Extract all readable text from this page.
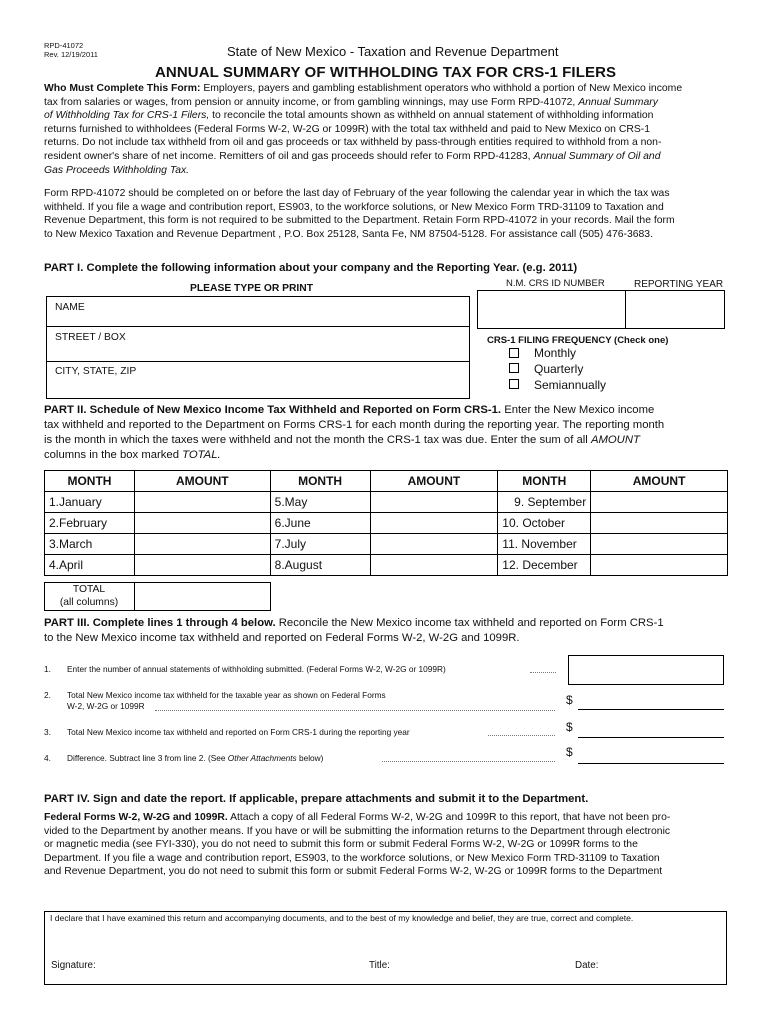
RPD-41072
Rev. 12/19/2011	State of New Mexico - Taxation and Revenue Department
ANNUAL SUMMARY OF WITHHOLDING TAX FOR CRS-1 FILERS
Who Must Complete This Form: Employers, payers and gambling establishment operators who withhold a portion of New Mexico income
tax from salaries or wages, from pension or annuity income, or from gambling winnings, may use Form RPD-41072, Annual Summary
of Withholding Tax for CRS-1 Filers, to reconcile the total amounts shown as withheld on annual statement of withholding information
returns furnished to withholdees (Federal Forms W-2, W-2G or 1099R) with the total tax withheld and paid to New Mexico on CRS-1
returns. Do not include tax withheld from oil and gas proceeds or tax withheld by pass-through entities required to withhold from a non-
resident owner's share of net income. Remitters of oil and gas proceeds should refer to Form RPD-41283, Annual Summary of Oil and
Gas Proceeds Withholding Tax.
Form RPD-41072 should be completed on or before the last day of February of the year following the calendar year in which the tax was
withheld. If you file a wage and contribution report, ES903, to the workforce solutions, or New Mexico Form TRD-31109 to Taxation and
Revenue Department, this form is not required to be submitted to the Department. Retain Form RPD-41072 in your records. Mail the form
to New Mexico Taxation and Revenue Department , P.O. Box 25128, Santa Fe, NM 87504-5128. For assistance call (505) 476-3683.
PART I. Complete the following information about your company and the Reporting Year. (e.g. 2011)
PLEASE TYPE OR PRINT	N.M. CRS ID NUMBER	REPORTING YEAR
NAME
STREET / BOX
CITY, STATE, ZIP
CRS-1 FILING FREQUENCY (Check one)
Monthly
Quarterly
Semiannually
PART II. Schedule of New Mexico Income Tax Withheld and Reported on Form CRS-1. Enter the New Mexico income
tax withheld and reported to the Department on Forms CRS-1 for each month during the reporting year. The reporting month
is the month in which the taxes were withheld and not the month the CRS-1 tax was due. Enter the sum of all AMOUNT
columns in the box marked TOTAL.
MONTH	AMOUNT	MONTH	AMOUNT	MONTH	AMOUNT
1.January		5.May		9. September	
2.February		6.June		10. October	
3.March		7.July		11. November	
4.April		8.August		12. December	
TOTAL
(all columns)
PART III. Complete lines 1 through 4 below. Reconcile the New Mexico income tax withheld and reported on Form CRS-1
to the New Mexico income tax withheld and reported on Federal Forms W-2, W-2G and 1099R.
1. Enter the number of annual statements of withholding submitted. (Federal Forms W-2, W-2G or 1099R)
2. Total New Mexico income tax withheld for the taxable year as shown on Federal Forms
W-2, W-2G or 1099R	$
3. Total New Mexico income tax withheld and reported on Form CRS-1 during the reporting year	$
4. Difference. Subtract line 3 from line 2. (See Other Attachments below)	$
PART IV. Sign and date the report. If applicable, prepare attachments and submit it to the Department.
Federal Forms W-2, W-2G and 1099R. Attach a copy of all Federal Forms W-2, W-2G and 1099R to this report, that have not been pro-
vided to the Department by another means. If you have or will be submitting the information returns to the Department through electronic
or magnetic media (see FYI-330), you do not need to submit this form or submit Federal Forms W-2, W-2G or 1099R forms to the
Department. If you file a wage and contribution report, ES903, to the workforce solutions, or New Mexico Form TRD-31109 to Taxation
and Revenue Department, you do not need to submit this form or submit Federal Forms W-2, W-2G or 1099R forms to the Department
I declare that I have examined this return and accompanying documents, and to the best of my knowledge and belief, they are true, correct and complete.
Signature:	Title:	Date:
